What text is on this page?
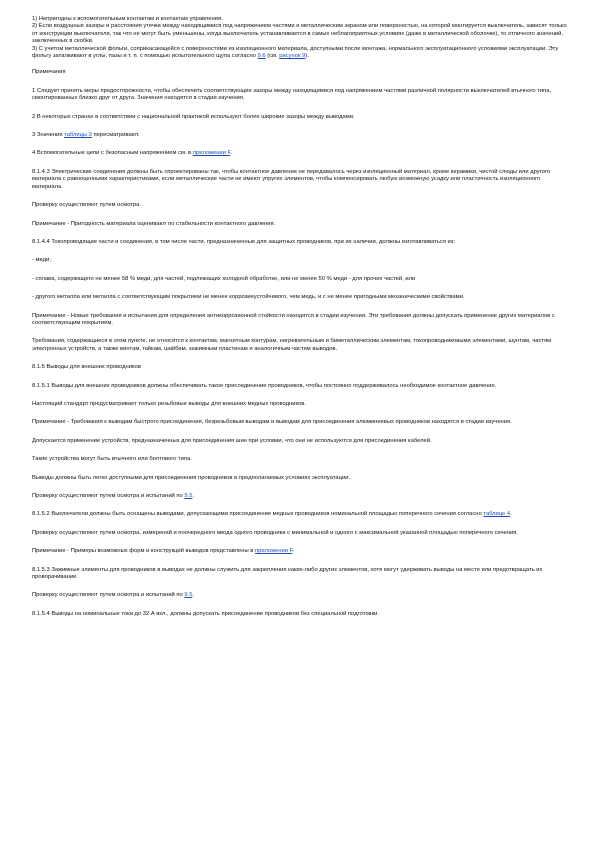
1) Непригодны к вспомогательным контактам и контактам управления.

2) Если воздушные зазоры и расстояния утечки между находящимися под напряжением частями и металлическим экраном или поверхностью, на которой монтируется выключатель, зависят только от конструкции выключателя, так что не могут быть уменьшены, когда выключатель устанавливается в самых неблагоприятных условиях (даже в металлической оболочке), то отличного значений, заключенных в скобки.

3) С учетом металлической фольги, соприкасающейся с поверхностями из изоляционного материала, доступными после монтажа, нормального эксплуатационного условиями эксплуатации. Эту фольгу заталкивают в углы, пазы и т. п. с помощью испытательного щупа согласно 9.6 (см. рисунок 9).

Примечания

1 Следует принять меры предосторожности, чтобы обеспечить соответствующие зазоры между находящимися под напряжением частями различной полярности выключателей втычного типа, смонтированных близко друг от друга. Значения находятся в стадии изучения.

2 В некоторых странах в соответствии с национальной практикой используют более широкие зазоры между выводами.

3 Значения таблицы 3 пересматривают.

4 Вспомогательные цепи с безопасным напряжением см. в приложении F.

8.1.4.3 Электрические соединения должны быть спроектированы так, чтобы контактное давление не передавалось через изоляционный материал, кроме керамики, чистой слюды или другого материала с равноценными характеристиками, если металлические части не имеют упругих элементов, чтобы компенсировать любую возможную усадку или пластичность изоляционного материала.

Проверку осуществляют путем осмотра.

Примечание - Пригодность материала оценивают по стабильности контактного давления.

8.1.4.4 Токопроводящие части и соединения, в том числе части, предназначенные для защитных проводников, при их наличии, должны изготавливаться из:

- меди;

- сплава, содержащего не менее 58 % меди, для частей, подлежащих холодной обработке, или не менее 50 % меди - для прочих частей, или

- другого металла или металла с соответствующим покрытием не менее коррозиеустойчивого, чем медь, и с не менее пригодными механическими свойствами.

Примечание - Новые требования и испытания для определения антикоррозионной стойкости находятся в стадии изучения. Эти требования должны допускать применение других материалов с соответствующим покрытием.

Требования, содержащиеся в этом пункте, не относятся к контактам, магнитным контурам, нагревательным и биметаллическим элементам, токопроводниковыми элементами, шунтам, частям электронных устройств, а также винтам, гайкам, шайбам, зажимным пластинам и аналогичным частям выводов.

8.1.5 Выводы для внешних проводников

8.1.5.1 Выводы для внешних проводников должны обеспечивать такое присоединение проводников, чтобы постоянно поддерживалось необходимое контактное давление.

Настоящий стандарт предусматривает только резьбовые выводы для внешних медных проводников.

Примечание - Требования к выводам быстрого присоединения, безрезьбовым выводам и выводам для присоединения алюминиевых проводников находятся в стадии изучения.

Допускается применение устройств, предназначенных для присоединения шин при условии, что они не используются для присоединения кабелей.

Такие устройства могут быть втычного или болтового типа.

Выводы должны быть легко доступными для присоединения проводников в предполагаемых условиях эксплуатации.

Проверку осуществляют путем осмотра и испытаний по 9.5.

8.1.5.2 Выключатели должны быть оснащены выводами, допускающими присоединение медных проводников номинальной площадью поперечного сечения согласно таблице 4.

Проверку осуществляют путем осмотра, измерений и поочередного ввода одного проводника с минимальной и одного с максимальной указанной площадью поперечного сечения.

Примечание - Примеры возможных форм и конструкций выводов представлены в приложении F.

8.1.5.3 Зажимные элементы для проводников в выводах не должны служить для закрепления каких-либо других элементов, хотя могут удерживать выводы на месте или предотвращать их проворачивание.

Проверку осуществляют путем осмотра и испытаний по 9.5.

8.1.5.4 Выводы на номинальные токи до 32 А вкл., должны допускать присоединение проводников без специальной подготовки.
